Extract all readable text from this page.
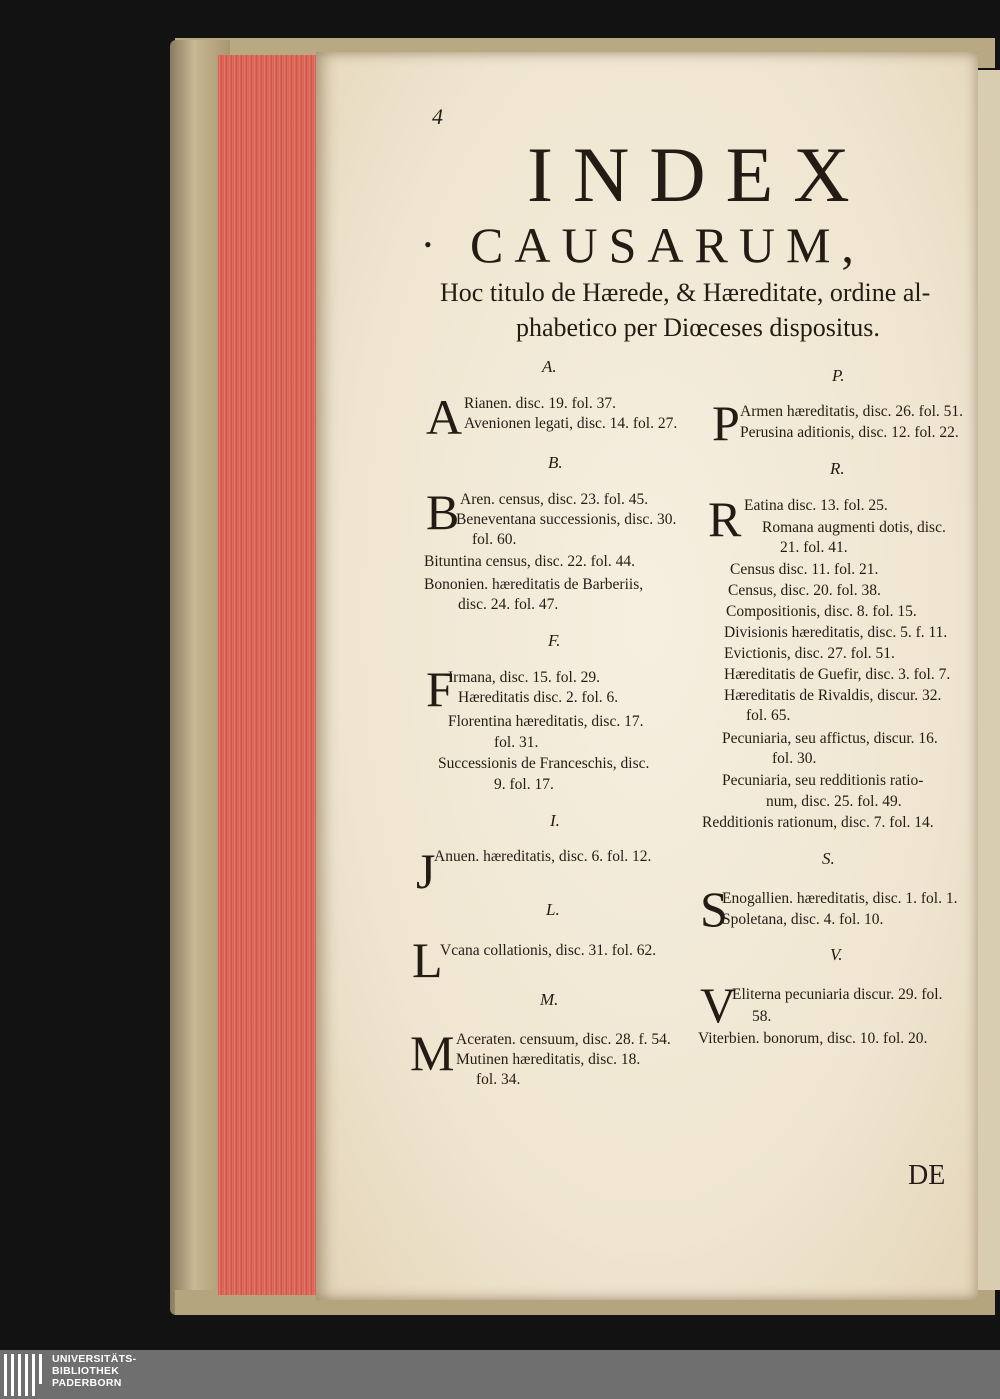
4
INDEX
• CAUSARUM,
Hoc titulo de Hærede, & Hæreditate, ordine al-
phabetico per Diœceses dispositus.
A.
A Rianen. disc. 19. fol. 37.
Avenionen legati, disc. 14. fol. 27.
B.
B Aren. census, disc. 23. fol. 45.
Beneventana successionis, disc. 30.
fol. 60.
Bituntina census, disc. 22. fol. 44.
Bononien. hæreditatis de Barberiis,
disc. 24. fol. 47.
F.
F
Irmana, disc. 15. fol. 29.
Hæreditatis disc. 2. fol. 6.
Florentina hæreditatis, disc. 17.
fol. 31.
Successionis de Franceschis, disc.
9. fol. 17.
I.
J
Anuen. hæreditatis, disc. 6. fol. 12.
L.
L
Vcana collationis, disc. 31. fol. 62.
M.
M Aceraten. censuum, disc. 28. f. 54.
Mutinen hæreditatis, disc. 18.
fol. 34.
P.
P Armen hæreditatis, disc. 26. fol. 51.
Perusina aditionis, disc. 12. fol. 22.
R.
R Eatina disc. 13. fol. 25.
Romana augmenti dotis, disc.
21. fol. 41.
Census disc. 11. fol. 21.
Census, disc. 20. fol. 38.
Compositionis, disc. 8. fol. 15.
Divisionis hæreditatis, disc. 5. f. 11.
Evictionis, disc. 27. fol. 51.
Hæreditatis de Guefir, disc. 3. fol. 7.
Hæreditatis de Rivaldis, discur. 32.
fol. 65.
Pecuniaria, seu affictus, discur. 16.
fol. 30.
Pecuniaria, seu redditionis ratio-
num, disc. 25. fol. 49.
Redditionis rationum, disc. 7. fol. 14.
S.
S
Enogallien. hæreditatis, disc. 1. fol. 1.
Spoletana, disc. 4. fol. 10.
V.
V
Eliterna pecuniaria discur. 29. fol.
58.
Viterbien. bonorum, disc. 10. fol. 20.
DE
UNIVERSITÄTS-
BIBLIOTHEK
PADERBORN
